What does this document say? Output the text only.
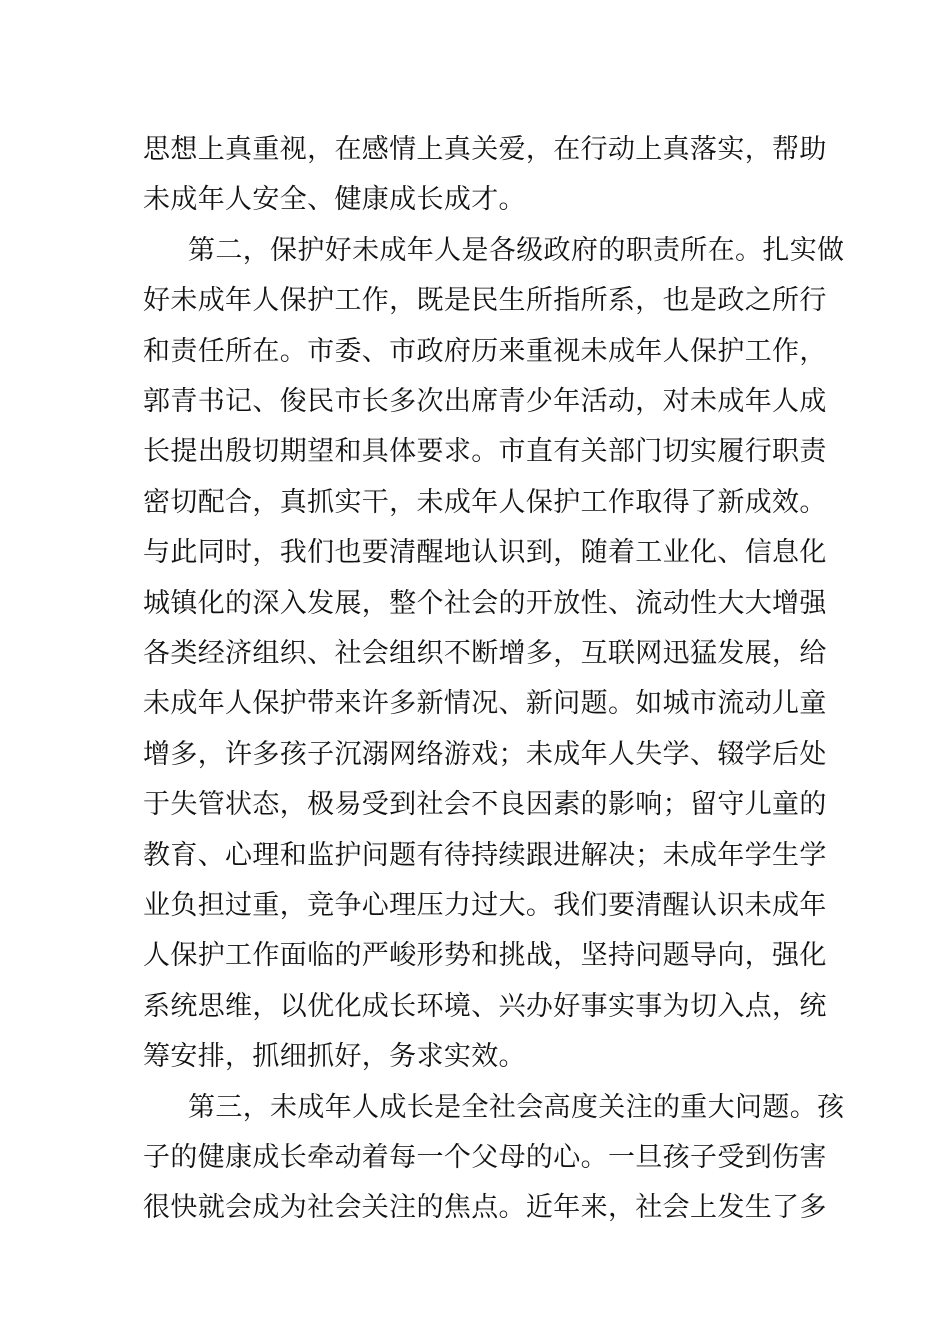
思想上真重视，在感情上真关爱，在行动上真落实，帮助
未成年人安全、健康成长成才。
第二，保护好未成年人是各级政府的职责所在。扎实做
好未成年人保护工作，既是民生所指所系，也是政之所行
和责任所在。市委、市政府历来重视未成年人保护工作，
郭青书记、俊民市长多次出席青少年活动，对未成年人成
长提出殷切期望和具体要求。市直有关部门切实履行职责
密切配合，真抓实干，未成年人保护工作取得了新成效。
与此同时，我们也要清醒地认识到，随着工业化、信息化
城镇化的深入发展，整个社会的开放性、流动性大大增强
各类经济组织、社会组织不断增多，互联网迅猛发展，给
未成年人保护带来许多新情况、新问题。如城市流动儿童
增多，许多孩子沉溺网络游戏；未成年人失学、辍学后处
于失管状态，极易受到社会不良因素的影响；留守儿童的
教育、心理和监护问题有待持续跟进解决；未成年学生学
业负担过重，竞争心理压力过大。我们要清醒认识未成年
人保护工作面临的严峻形势和挑战，坚持问题导向，强化
系统思维，以优化成长环境、兴办好事实事为切入点，统
筹安排，抓细抓好，务求实效。
第三，未成年人成长是全社会高度关注的重大问题。孩
子的健康成长牵动着每一个父母的心。一旦孩子受到伤害
很快就会成为社会关注的焦点。近年来，社会上发生了多
